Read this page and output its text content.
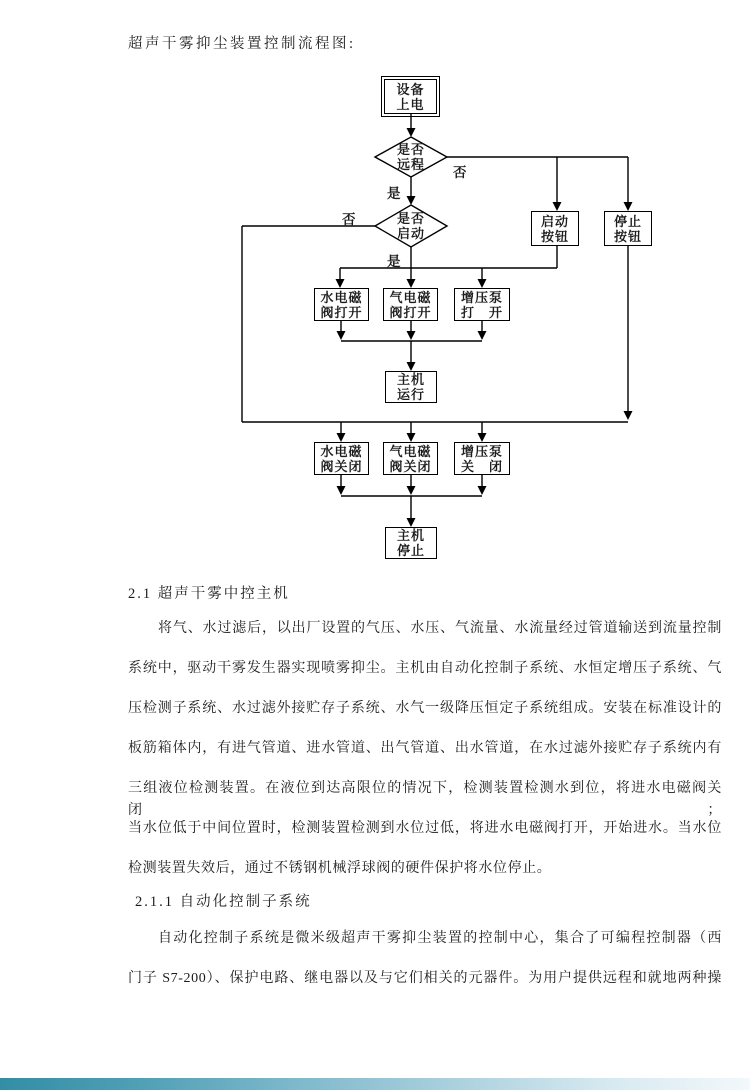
超声干雾抑尘装置控制流程图:
设备
上电
是否
远程
是否
启动
启动
按钮
停止
按钮
水电磁
阀打开
气电磁
阀打开
增压泵
打　开
主机
运行
水电磁
阀关闭
气电磁
阀关闭
增压泵
关　闭
主机
停止
否
是
否
是
2.1 超声干雾中控主机
将气、水过滤后，以出厂设置的气压、水压、气流量、水流量经过管道输送到流量控制
系统中，驱动干雾发生器实现喷雾抑尘。主机由自动化控制子系统、水恒定增压子系统、气
压检测子系统、水过滤外接贮存子系统、水气一级降压恒定子系统组成。安装在标准设计的
板筋箱体内，有进气管道、进水管道、出气管道、出水管道，在水过滤外接贮存子系统内有
三组液位检测装置。在液位到达高限位的情况下，检测装置检测水到位，将进水电磁阀关闭；
当水位低于中间位置时，检测装置检测到水位过低，将进水电磁阀打开，开始进水。当水位
检测装置失效后，通过不锈钢机械浮球阀的硬件保护将水位停止。
2.1.1 自动化控制子系统
自动化控制子系统是微米级超声干雾抑尘装置的控制中心，集合了可编程控制器（西
门子 S7-200）、保护电路、继电器以及与它们相关的元器件。为用户提供远程和就地两种操
